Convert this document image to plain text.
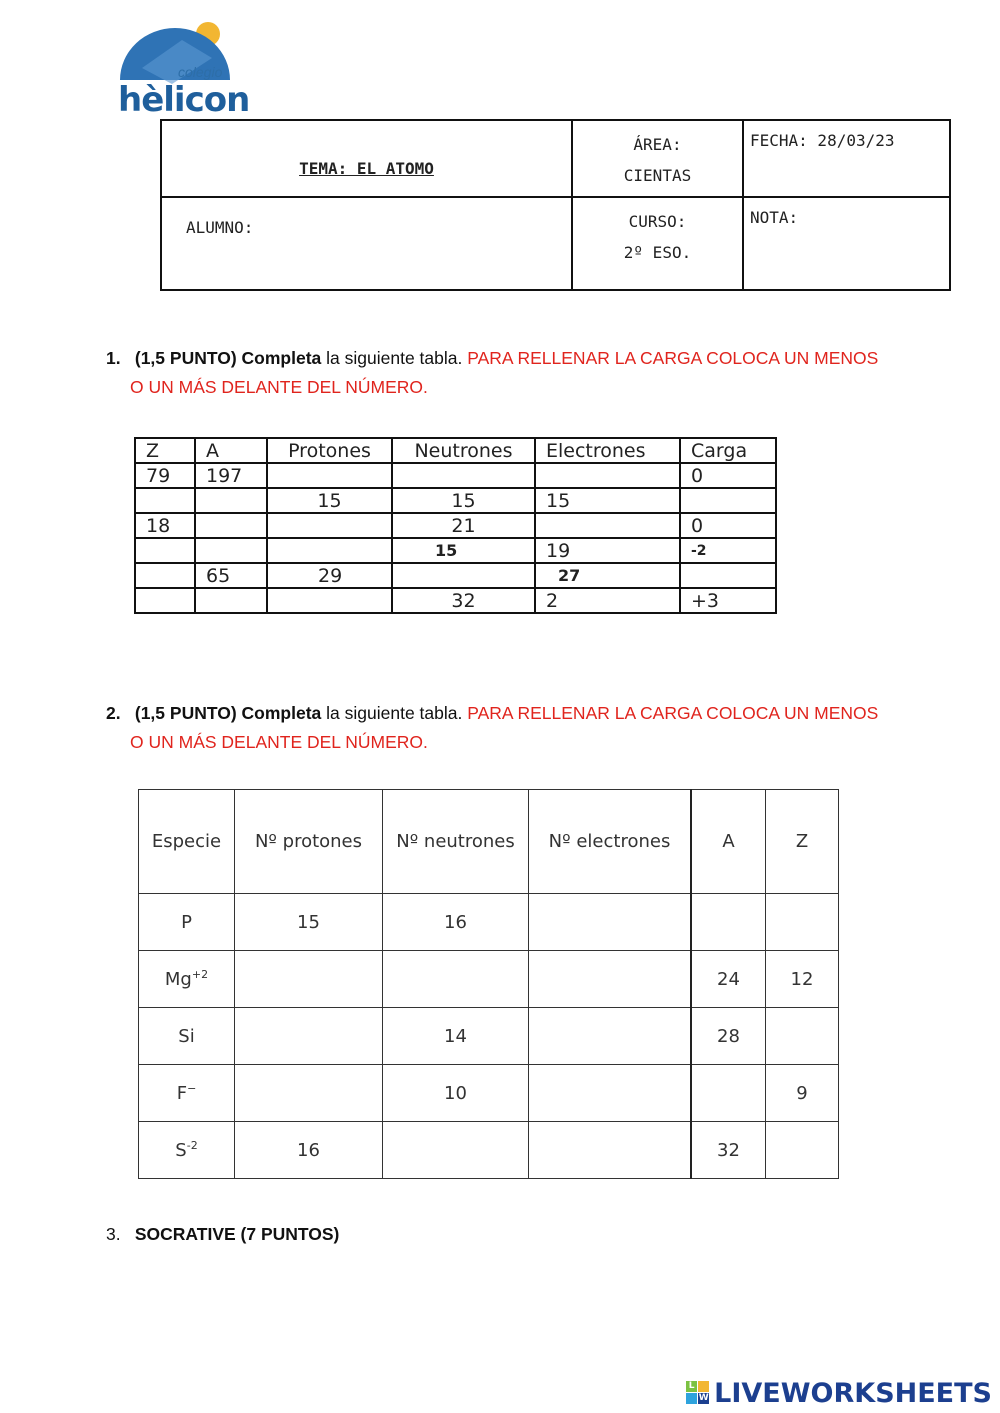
colegio
hèlicon
TEMA: EL ATOMO	ÁREA:
CIENTAS	FECHA: 28/03/23

ALUMNO:	CURSO:
2º ESO.	NOTA:
1. (1,5 PUNTO) Completa la siguiente tabla. PARA RELLENAR LA CARGA COLOCA UN MENOS
O UN MÁS DELANTE DEL NÚMERO.
Z	A	Protones	Neutrones	Electrones	Carga
79	197				0
		15	15	15	
18			21		0
			15	19	-2
	65	29		27	
			32	2	+3
2. (1,5 PUNTO) Completa la siguiente tabla. PARA RELLENAR LA CARGA COLOCA UN MENOS
O UN MÁS DELANTE DEL NÚMERO.
Especie	Nº protones	Nº neutrones	Nº electrones	A	Z
P	15	16			
$Mg^{+2}$				24	12
Si		14		28	
F−		10			9
$S^{-2}$	16			32	
3. SOCRATIVE (7 PUNTOS)
L
W LIVEWORKSHEETS
